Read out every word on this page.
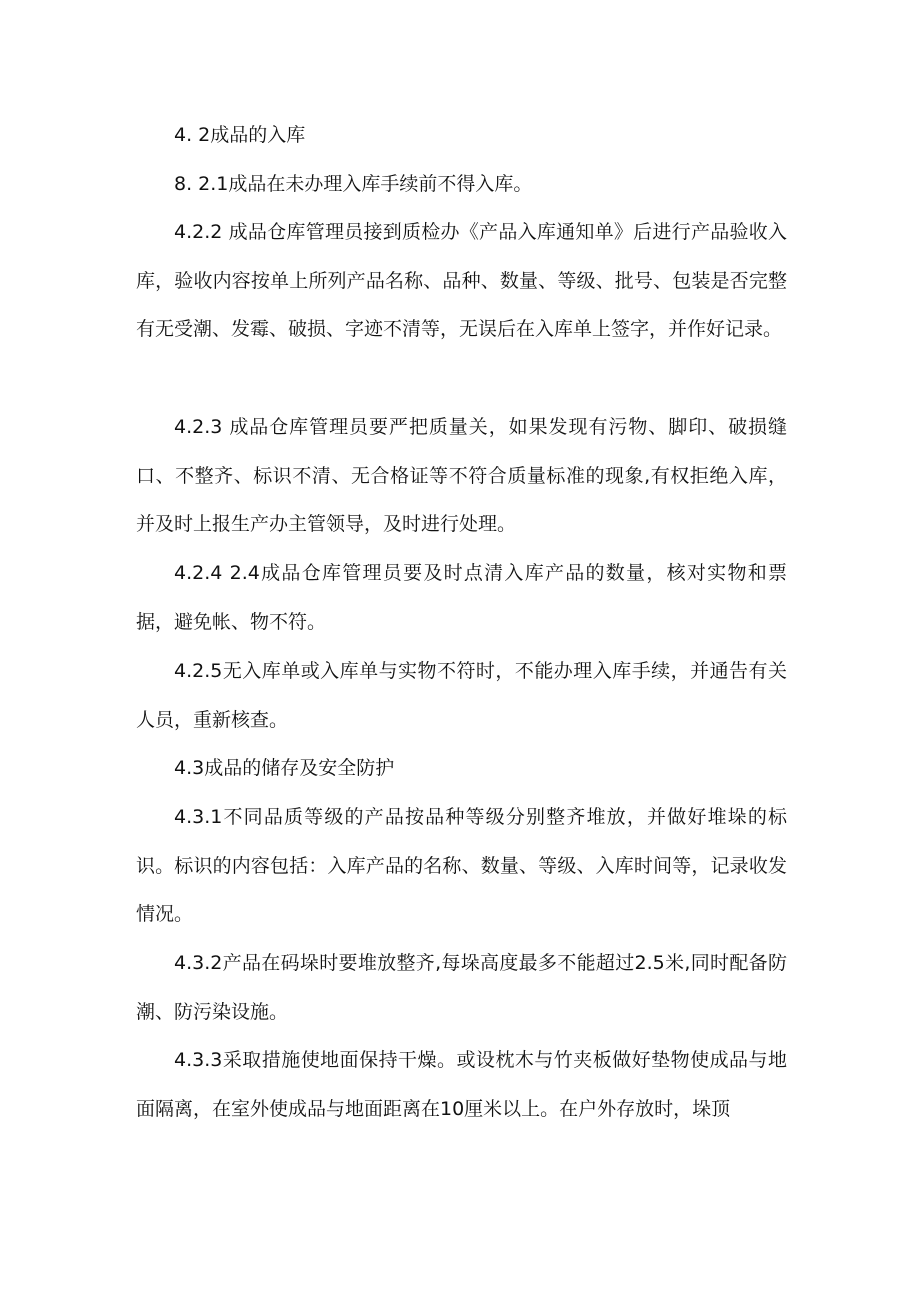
4. 2成品的入库

8. 2.1成品在未办理入库手续前不得入库。

4.2.2 成品仓库管理员接到质检办《产品入库通知单》后进行产品验收入库，验收内容按单上所列产品名称、品种、数量、等级、批号、包装是否完整有无受潮、发霉、破损、字迹不清等，无误后在入库单上签字，并作好记录。

4.2.3 成品仓库管理员要严把质量关，如果发现有污物、脚印、破损缝口、不整齐、标识不清、无合格证等不符合质量标准的现象,有权拒绝入库，并及时上报生产办主管领导，及时进行处理。

4.2.4 2.4成品仓库管理员要及时点清入库产品的数量，核对实物和票据，避免帐、物不符。

4.2.5无入库单或入库单与实物不符时，不能办理入库手续，并通告有关人员，重新核查。

4.3成品的储存及安全防护

4.3.1不同品质等级的产品按品种等级分别整齐堆放，并做好堆垛的标识。标识的内容包括：入库产品的名称、数量、等级、入库时间等，记录收发情况。

4.3.2产品在码垛时要堆放整齐,每垛高度最多不能超过2.5米,同时配备防潮、防污染设施。

4.3.3采取措施使地面保持干燥。或设枕木与竹夹板做好垫物使成品与地面隔离，在室外使成品与地面距离在10厘米以上。在户外存放时，垛顶
